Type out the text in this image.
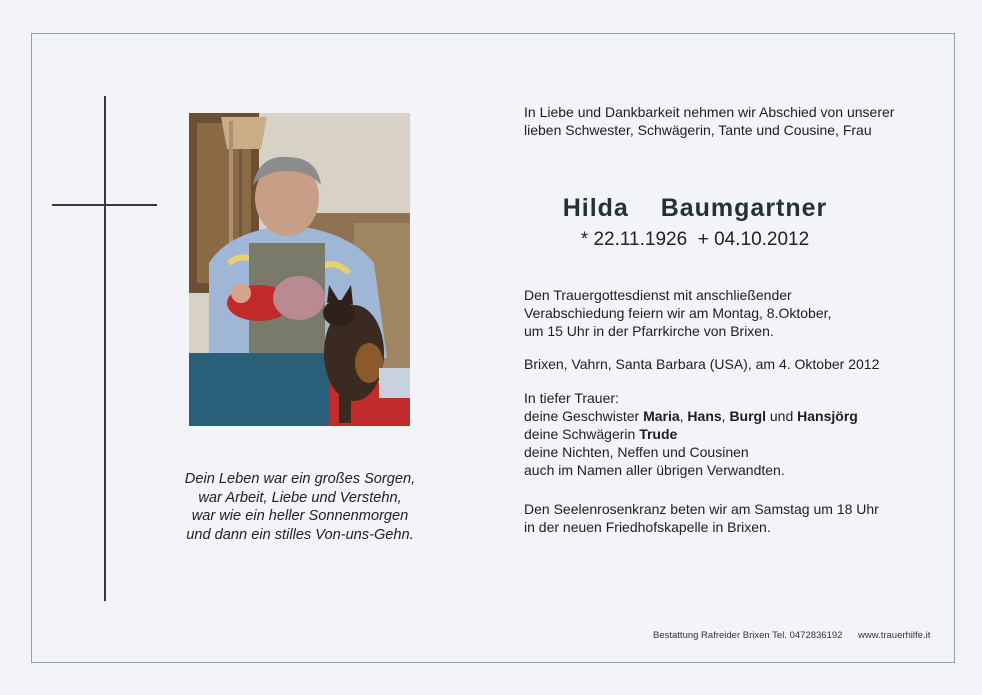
Dein Leben war ein großes Sorgen,
war Arbeit, Liebe und Verstehn,
war wie ein heller Sonnenmorgen
und dann ein stilles Von-uns-Gehn.
In Liebe und Dankbarkeit nehmen wir Abschied von unserer lieben Schwester, Schwägerin, Tante und Cousine, Frau
Hilda  Baumgartner
* 22.11.1926  + 04.10.2012
Den Trauergottesdienst mit anschließender
Verabschiedung feiern wir am Montag, 8.Oktober,
um 15 Uhr in der Pfarrkirche von Brixen.
Brixen, Vahrn, Santa Barbara (USA), am 4. Oktober 2012
In tiefer Trauer:
deine Geschwister Maria, Hans, Burgl und Hansjörg
deine Schwägerin Trude
deine Nichten, Neffen und Cousinen
auch im Namen aller übrigen Verwandten.
Den Seelenrosenkranz beten wir am Samstag um 18 Uhr
in der neuen Friedhofskapelle in Brixen.
Bestattung Rafreider Brixen Tel. 0472836192 www.trauerhilfe.it
